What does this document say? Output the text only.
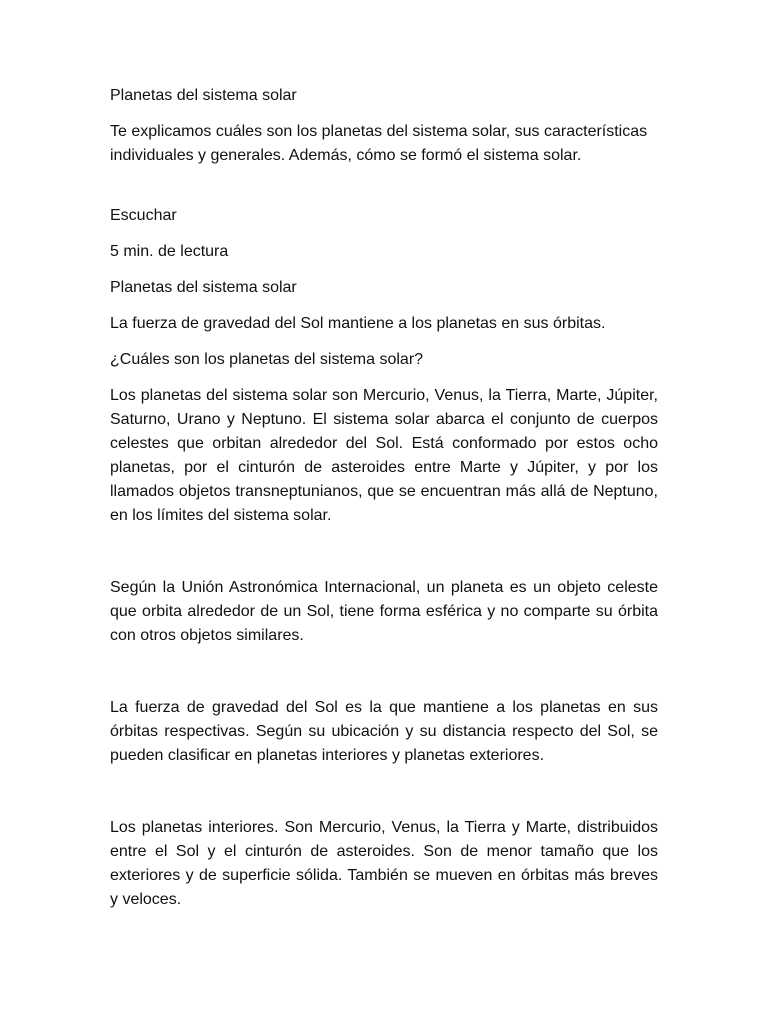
Planetas del sistema solar

Te explicamos cuáles son los planetas del sistema solar, sus características individuales y generales. Además, cómo se formó el sistema solar.

Escuchar

5 min. de lectura

Planetas del sistema solar

La fuerza de gravedad del Sol mantiene a los planetas en sus órbitas.

¿Cuáles son los planetas del sistema solar?

Los planetas del sistema solar son Mercurio, Venus, la Tierra, Marte, Júpiter, Saturno, Urano y Neptuno. El sistema solar abarca el conjunto de cuerpos celestes que orbitan alrededor del Sol. Está conformado por estos ocho planetas, por el cinturón de asteroides entre Marte y Júpiter, y por los llamados objetos transneptunianos, que se encuentran más allá de Neptuno, en los límites del sistema solar.

Según la Unión Astronómica Internacional, un planeta es un objeto celeste que orbita alrededor de un Sol, tiene forma esférica y no comparte su órbita con otros objetos similares.

La fuerza de gravedad del Sol es la que mantiene a los planetas en sus órbitas respectivas. Según su ubicación y su distancia respecto del Sol, se pueden clasificar en planetas interiores y planetas exteriores.

Los planetas interiores. Son Mercurio, Venus, la Tierra y Marte, distribuidos entre el Sol y el cinturón de asteroides. Son de menor tamaño que los exteriores y de superficie sólida. También se mueven en órbitas más breves y veloces.
